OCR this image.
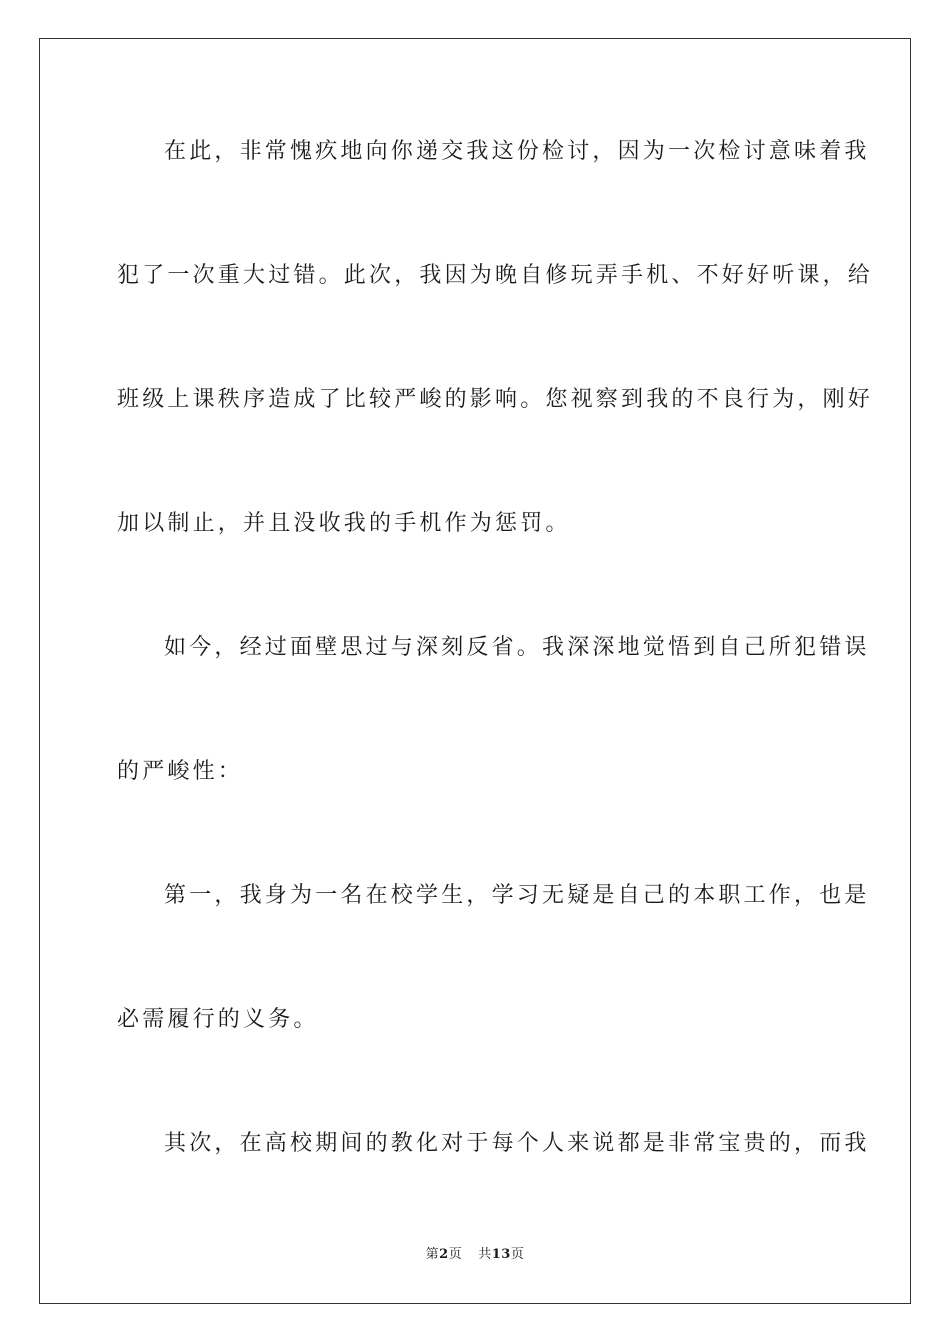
在此，非常愧疚地向你递交我这份检讨，因为一次检讨意味着我
犯了一次重大过错。此次，我因为晚自修玩弄手机、不好好听课，给
班级上课秩序造成了比较严峻的影响。您视察到我的不良行为，刚好
加以制止，并且没收我的手机作为惩罚。
如今，经过面壁思过与深刻反省。我深深地觉悟到自己所犯错误
的严峻性：
第一，我身为一名在校学生，学习无疑是自己的本职工作，也是
必需履行的义务。
其次，在高校期间的教化对于每个人来说都是非常宝贵的，而我
第2页 共13页
